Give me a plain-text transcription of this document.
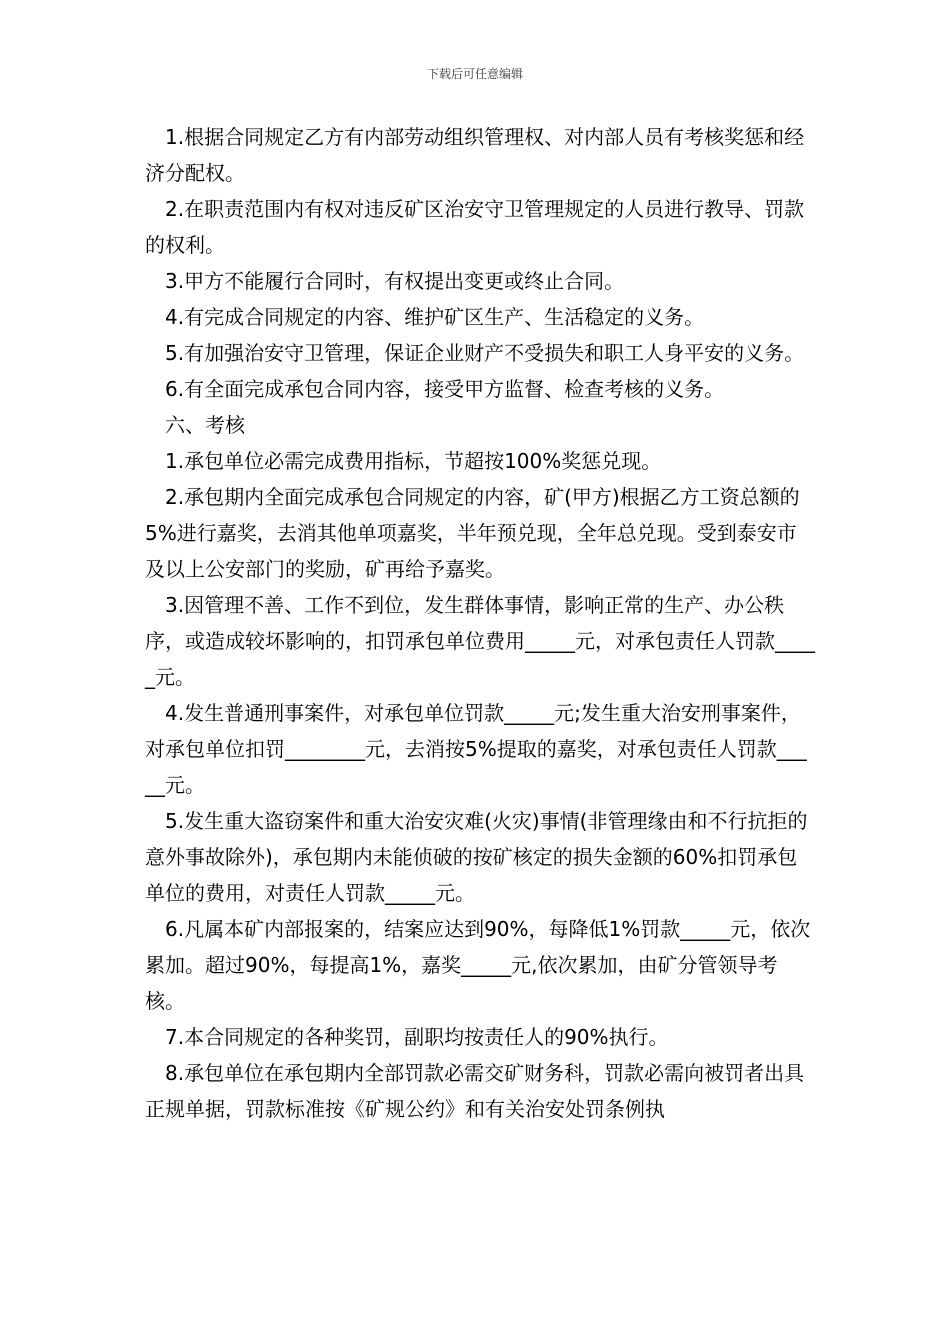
下载后可任意编辑

1.根据合同规定乙方有内部劳动组织管理权、对内部人员有考核奖惩和经济分配权。

2.在职责范围内有权对违反矿区治安守卫管理规定的人员进行教导、罚款的权利。

3.甲方不能履行合同时，有权提出变更或终止合同。

4.有完成合同规定的内容、维护矿区生产、生活稳定的义务。

5.有加强治安守卫管理，保证企业财产不受损失和职工人身平安的义务。

6.有全面完成承包合同内容，接受甲方监督、检查考核的义务。

六、考核

1.承包单位必需完成费用指标，节超按100%奖惩兑现。

2.承包期内全面完成承包合同规定的内容，矿(甲方)根据乙方工资总额的5%进行嘉奖，去消其他单项嘉奖，半年预兑现，全年总兑现。受到泰安市及以上公安部门的奖励，矿再给予嘉奖。

3.因管理不善、工作不到位，发生群体事情，影响正常的生产、办公秩序，或造成较坏影响的，扣罚承包单位费用_____元，对承包责任人罚款_____元。

4.发生普通刑事案件，对承包单位罚款_____元;发生重大治安刑事案件，对承包单位扣罚________元，去消按5%提取的嘉奖，对承包责任人罚款_____元。

5.发生重大盗窃案件和重大治安灾难(火灾)事情(非管理缘由和不行抗拒的意外事故除外)，承包期内未能侦破的按矿核定的损失金额的60%扣罚承包单位的费用，对责任人罚款_____元。

6.凡属本矿内部报案的，结案应达到90%，每降低1%罚款_____元，依次累加。超过90%，每提高1%，嘉奖_____元,依次累加，由矿分管领导考核。

7.本合同规定的各种奖罚，副职均按责任人的90%执行。

8.承包单位在承包期内全部罚款必需交矿财务科，罚款必需向被罚者出具正规单据，罚款标准按《矿规公约》和有关治安处罚条例执
